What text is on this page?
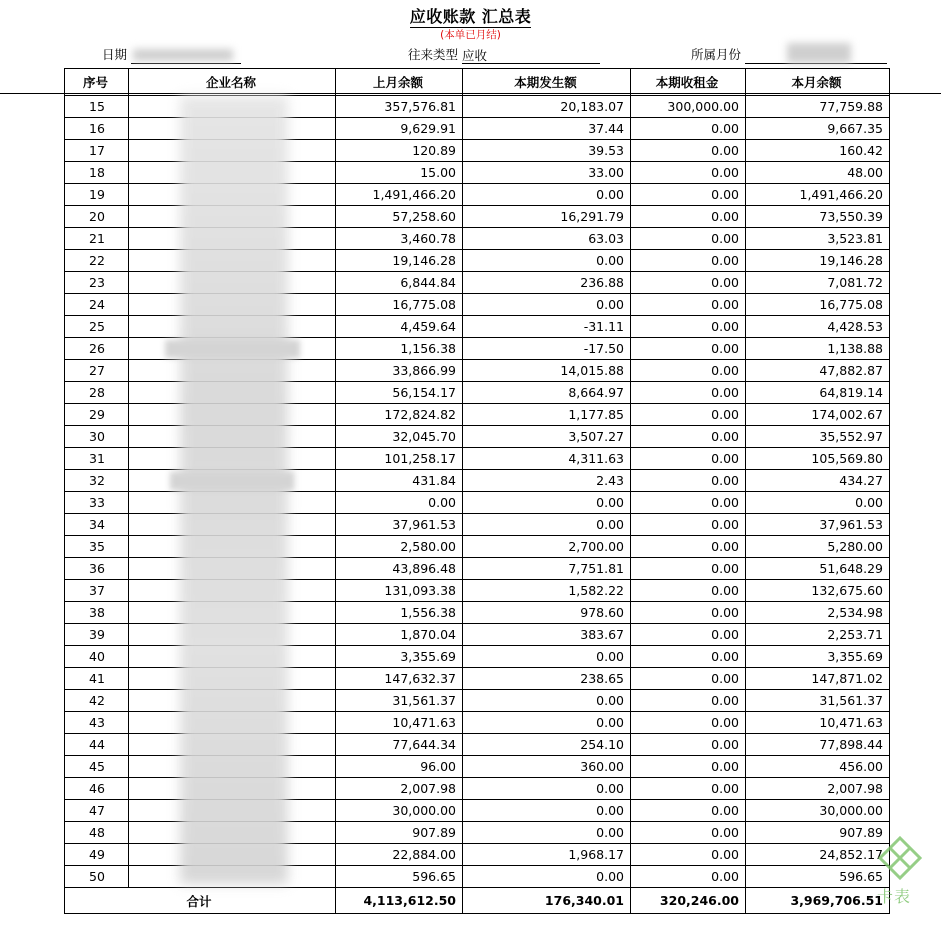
应收账款 汇总表
(本单已月结)
日期	往来类型 应收	所属月份
序号	企业名称	上月余额	本期发生额	本期收租金	本月余额
15		357,576.81	20,183.07	300,000.00	77,759.88
16		9,629.91	37.44	0.00	9,667.35
17		120.89	39.53	0.00	160.42
18		15.00	33.00	0.00	48.00
19		1,491,466.20	0.00	0.00	1,491,466.20
20		57,258.60	16,291.79	0.00	73,550.39
21		3,460.78	63.03	0.00	3,523.81
22		19,146.28	0.00	0.00	19,146.28
23		6,844.84	236.88	0.00	7,081.72
24		16,775.08	0.00	0.00	16,775.08
25		4,459.64	-31.11	0.00	4,428.53
26		1,156.38	-17.50	0.00	1,138.88
27		33,866.99	14,015.88	0.00	47,882.87
28		56,154.17	8,664.97	0.00	64,819.14
29		172,824.82	1,177.85	0.00	174,002.67
30		32,045.70	3,507.27	0.00	35,552.97
31		101,258.17	4,311.63	0.00	105,569.80
32		431.84	2.43	0.00	434.27
33		0.00	0.00	0.00	0.00
34		37,961.53	0.00	0.00	37,961.53
35		2,580.00	2,700.00	0.00	5,280.00
36		43,896.48	7,751.81	0.00	51,648.29
37		131,093.38	1,582.22	0.00	132,675.60
38		1,556.38	978.60	0.00	2,534.98
39		1,870.04	383.67	0.00	2,253.71
40		3,355.69	0.00	0.00	3,355.69
41		147,632.37	238.65	0.00	147,871.02
42		31,561.37	0.00	0.00	31,561.37
43		10,471.63	0.00	0.00	10,471.63
44		77,644.34	254.10	0.00	77,898.44
45		96.00	360.00	0.00	456.00
46		2,007.98	0.00	0.00	2,007.98
47		30,000.00	0.00	0.00	30,000.00
48		907.89	0.00	0.00	907.89
49		22,884.00	1,968.17	0.00	24,852.17
50		596.65	0.00	0.00	596.65
合计		4,113,612.50	176,340.01	320,246.00	3,969,706.51
卡表
